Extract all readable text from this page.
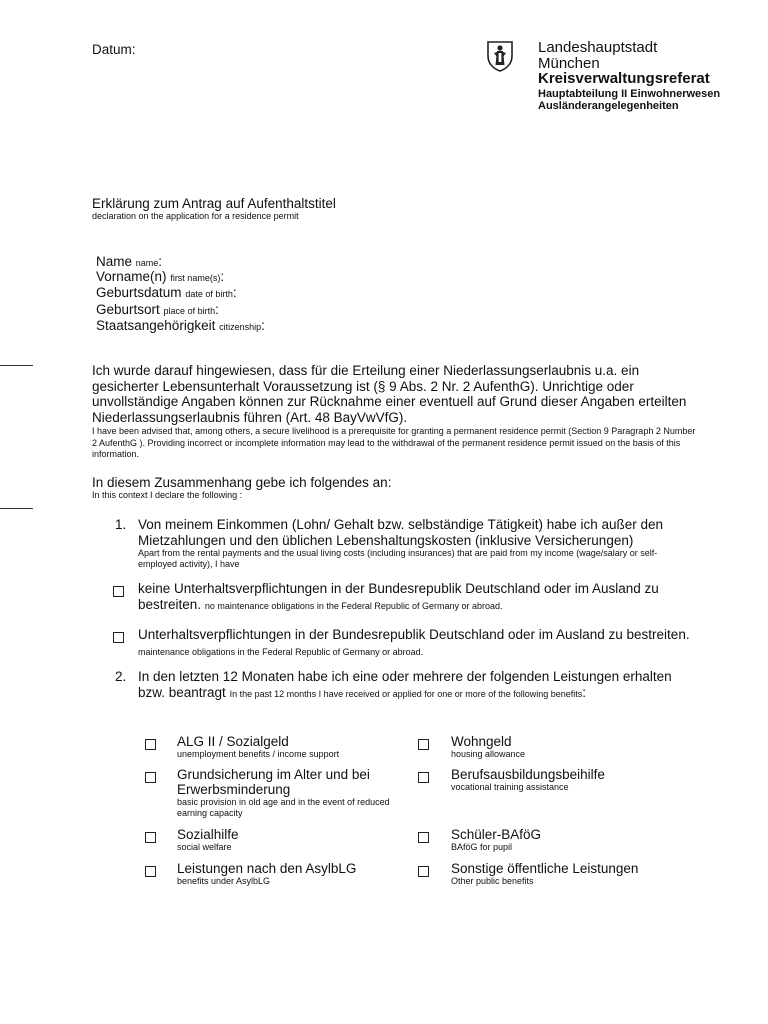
Datum:	Landeshauptstadt
München
Kreisverwaltungsreferat
Hauptabteilung II Einwohnerwesen
Ausländerangelegenheiten
Erklärung zum Antrag auf Aufenthaltstitel
declaration on the application for a residence permit
Name name:
Vorname(n) first name(s):
Geburtsdatum date of birth:
Geburtsort place of birth:
Staatsangehörigkeit citizenship:
Ich wurde darauf hingewiesen, dass für die Erteilung einer Niederlassungserlaubnis u.a. ein gesicherter Lebensunterhalt Voraussetzung ist (§ 9 Abs. 2 Nr. 2 AufenthG). Unrichtige oder unvollständige Angaben können zur Rücknahme einer eventuell auf Grund dieser Angaben erteilten Niederlassungserlaubnis führen (Art. 48 BayVwVfG).
I have been advised that, among others, a secure livelihood is a prerequisite for granting a permanent residence permit (Section 9 Paragraph 2 Number 2 AufenthG ). Providing incorrect or incomplete information may lead to the withdrawal of the permanent residence permit issued on the basis of this information.
In diesem Zusammenhang gebe ich folgendes an:
In this context I declare the following :
1. Von meinem Einkommen (Lohn/ Gehalt bzw. selbständige Tätigkeit) habe ich außer den Mietzahlungen und den üblichen Lebenshaltungskosten (inklusive Versicherungen)
Apart from the rental payments and the usual living costs (including insurances) that are paid from my income (wage/salary or self-employed activity), I have
keine Unterhaltsverpflichtungen in der Bundesrepublik Deutschland oder im Ausland zu bestreiten. no maintenance obligations in the Federal Republic of Germany or abroad.
Unterhaltsverpflichtungen in der Bundesrepublik Deutschland oder im Ausland zu bestreiten. maintenance obligations in the Federal Republic of Germany or abroad.
2. In den letzten 12 Monaten habe ich eine oder mehrere der folgenden Leistungen erhalten bzw. beantragt In the past 12 months I have received or applied for one or more of the following benefits:
ALG II / Sozialgeld
unemployment benefits / income support
Grundsicherung im Alter und bei Erwerbsminderung
basic provision in old age and in the event of reduced earning capacity
Sozialhilfe
social welfare
Leistungen nach den AsylbLG
benefits under AsylbLG
Wohngeld
housing allowance
Berufsausbildungsbeihilfe
vocational training assistance
Schüler-BAföG
BAföG for pupil
Sonstige öffentliche Leistungen
Other public benefits
